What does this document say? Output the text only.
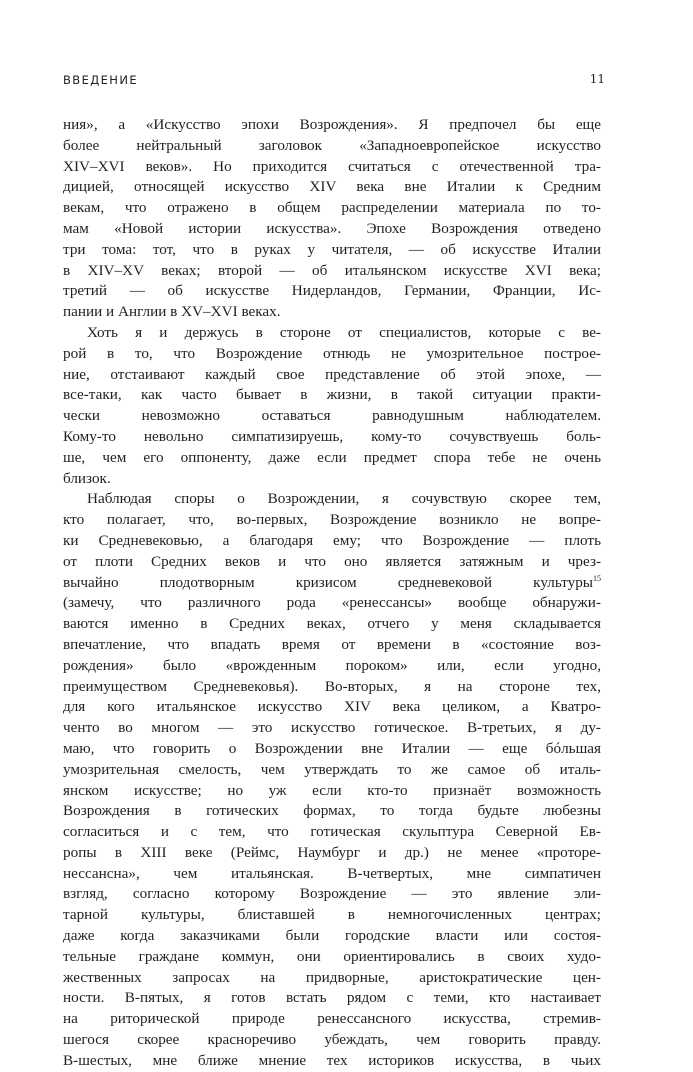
ВВЕДЕНИЕ	11
ния», а «Искусство эпохи Возрождения». Я предпочел бы еще
более нейтральный заголовок «Западноевропейское искусство
XIV–XVI веков». Но приходится считаться с отечественной тра-
дицией, относящей искусство XIV века вне Италии к Средним
векам, что отражено в общем распределении материала по то-
мам «Новой истории искусства». Эпохе Возрождения отведено
три тома: тот, что в руках у читателя, — об искусстве Италии
в XIV–XV веках; второй — об итальянском искусстве XVI века;
третий — об искусстве Нидерландов, Германии, Франции, Ис-
пании и Англии в XV–XVI веках.
Хоть я и держусь в стороне от специалистов, которые с ве-
рой в то, что Возрождение отнюдь не умозрительное построе-
ние, отстаивают каждый свое представление об этой эпохе, —
все-таки, как часто бывает в жизни, в такой ситуации практи-
чески невозможно оставаться равнодушным наблюдателем.
Кому-то невольно симпатизируешь, кому-то сочувствуешь боль-
ше, чем его оппоненту, даже если предмет спора тебе не очень
близок.
Наблюдая споры о Возрождении, я сочувствую скорее тем,
кто полагает, что, во-первых, Возрождение возникло не вопре-
ки Средневековью, а благодаря ему; что Возрождение — плоть
от плоти Средних веков и что оно является затяжным и чрез-
вычайно плодотворным кризисом средневековой культуры$^{15}$
(замечу, что различного рода «ренессансы» вообще обнаружи-
ваются именно в Средних веках, отчего у меня складывается
впечатление, что впадать время от времени в «состояние воз-
рождения» было «врожденным пороком» или, если угодно,
преимуществом Средневековья). Во-вторых, я на стороне тех,
для кого итальянское искусство XIV века целиком, а Кватро-
ченто во многом — это искусство готическое. В-третьих, я ду-
маю, что говорить о Возрождении вне Италии — еще бóльшая
умозрительная смелость, чем утверждать то же самое об италь-
янском искусстве; но уж если кто-то признаёт возможность
Возрождения в готических формах, то тогда будьте любезны
согласиться и с тем, что готическая скульптура Северной Ев-
ропы в XIII веке (Реймс, Наумбург и др.) не менее «проторе-
нессансна», чем итальянская. В-четвертых, мне симпатичен
взгляд, согласно которому Возрождение — это явление эли-
тарной культуры, блиставшей в немногочисленных центрах;
даже когда заказчиками были городские власти или состоя-
тельные граждане коммун, они ориентировались в своих худо-
жественных запросах на придворные, аристократические цен-
ности. В-пятых, я готов встать рядом с теми, кто настаивает
на риторической природе ренессансного искусства, стремив-
шегося скорее красноречиво убеждать, чем говорить правду.
В-шестых, мне ближе мнение тех историков искусства, в чьих
